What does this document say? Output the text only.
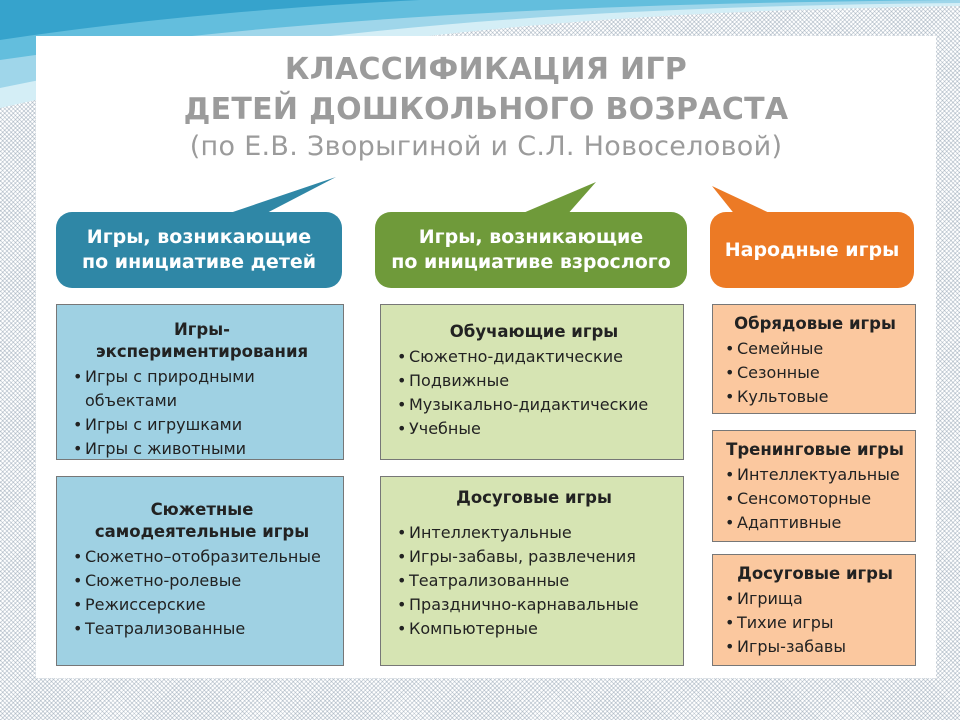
КЛАССИФИКАЦИЯ ИГР
ДЕТЕЙ ДОШКОЛЬНОГО ВОЗРАСТА
(по Е.В. Зворыгиной и С.Л. Новоселовой)
Игры, возникающие
по инициативе детей
Игры, возникающие
по инициативе взрослого
Народные игры
Игры-экспериментирования
• Игры с природными объектами
• Игры с игрушками
• Игры с животными
Сюжетные самодеятельные игры
• Сюжетно–отобразительные
• Сюжетно-ролевые
• Режиссерские
• Театрализованные
Обучающие игры
• Сюжетно-дидактические
• Подвижные
• Музыкально-дидактические
• Учебные
Досуговые игры
• Интеллектуальные
• Игры-забавы, развлечения
• Театрализованные
• Празднично-карнавальные
• Компьютерные
Обрядовые игры
• Семейные
• Сезонные
• Культовые
Тренинговые игры
• Интеллектуальные
• Сенсомоторные
• Адаптивные
Досуговые игры
• Игрища
• Тихие игры
• Игры-забавы
